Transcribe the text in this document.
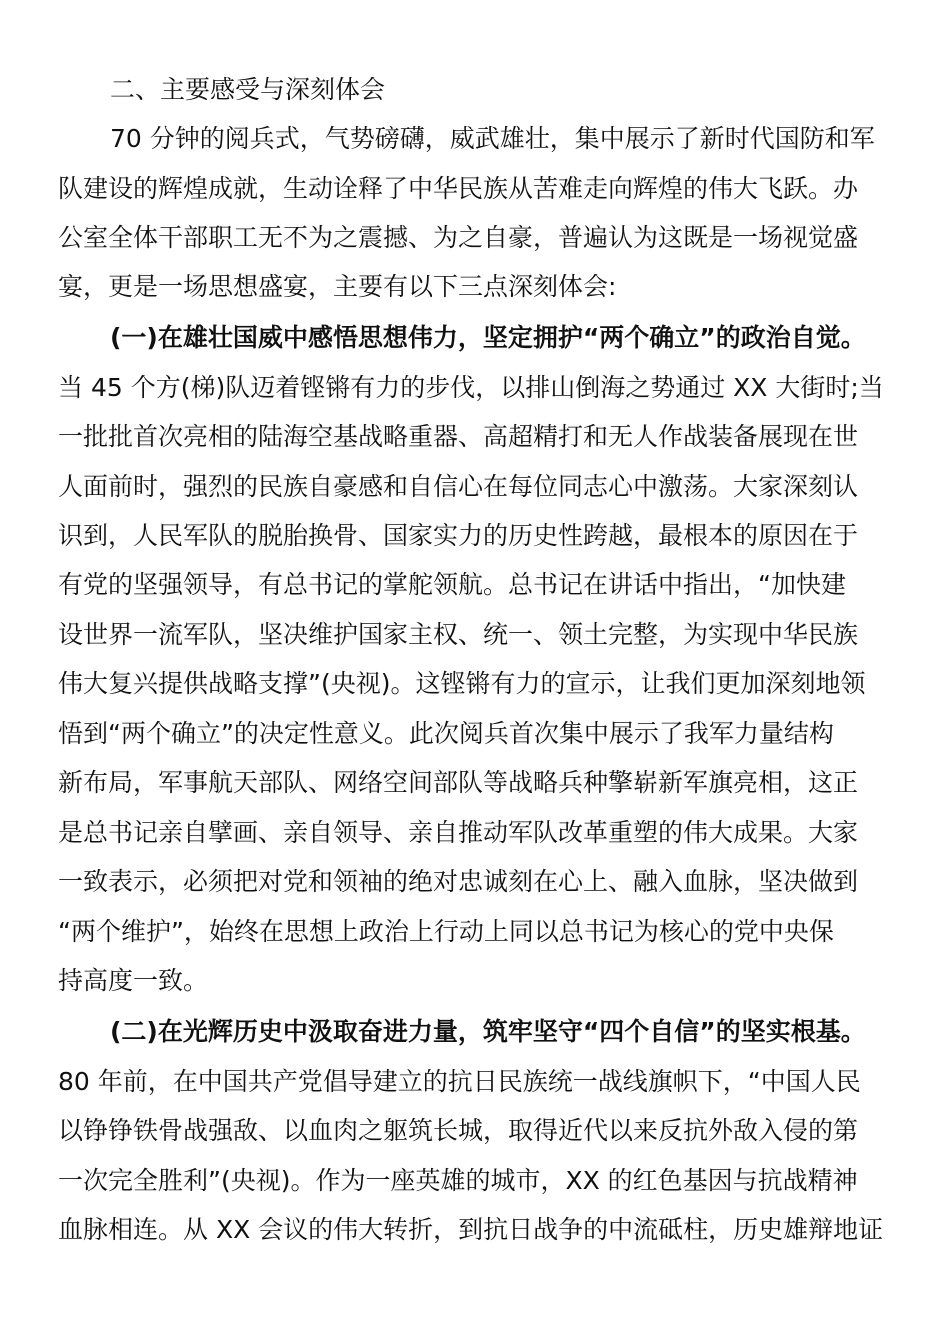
二、主要感受与深刻体会
70 分钟的阅兵式，气势磅礴，威武雄壮，集中展示了新时代国防和军
队建设的辉煌成就，生动诠释了中华民族从苦难走向辉煌的伟大飞跃。办
公室全体干部职工无不为之震撼、为之自豪，普遍认为这既是一场视觉盛
宴，更是一场思想盛宴，主要有以下三点深刻体会:
(一)在雄壮国威中感悟思想伟力，坚定拥护“两个确立”的政治自觉。
当 45 个方(梯)队迈着铿锵有力的步伐，以排山倒海之势通过 XX 大街时;当
一批批首次亮相的陆海空基战略重器、高超精打和无人作战装备展现在世
人面前时，强烈的民族自豪感和自信心在每位同志心中激荡。大家深刻认
识到，人民军队的脱胎换骨、国家实力的历史性跨越，最根本的原因在于
有党的坚强领导，有总书记的掌舵领航。总书记在讲话中指出，“加快建
设世界一流军队，坚决维护国家主权、统一、领土完整，为实现中华民族
伟大复兴提供战略支撑”(央视)。这铿锵有力的宣示，让我们更加深刻地领
悟到“两个确立”的决定性意义。此次阅兵首次集中展示了我军力量结构
新布局，军事航天部队、网络空间部队等战略兵种擎崭新军旗亮相，这正
是总书记亲自擘画、亲自领导、亲自推动军队改革重塑的伟大成果。大家
一致表示，必须把对党和领袖的绝对忠诚刻在心上、融入血脉，坚决做到
“两个维护”，始终在思想上政治上行动上同以总书记为核心的党中央保
持高度一致。
(二)在光辉历史中汲取奋进力量，筑牢坚守“四个自信”的坚实根基。
80 年前，在中国共产党倡导建立的抗日民族统一战线旗帜下，“中国人民
以铮铮铁骨战强敌、以血肉之躯筑长城，取得近代以来反抗外敌入侵的第
一次完全胜利”(央视)。作为一座英雄的城市，XX 的红色基因与抗战精神
血脉相连。从 XX 会议的伟大转折，到抗日战争的中流砥柱，历史雄辩地证
